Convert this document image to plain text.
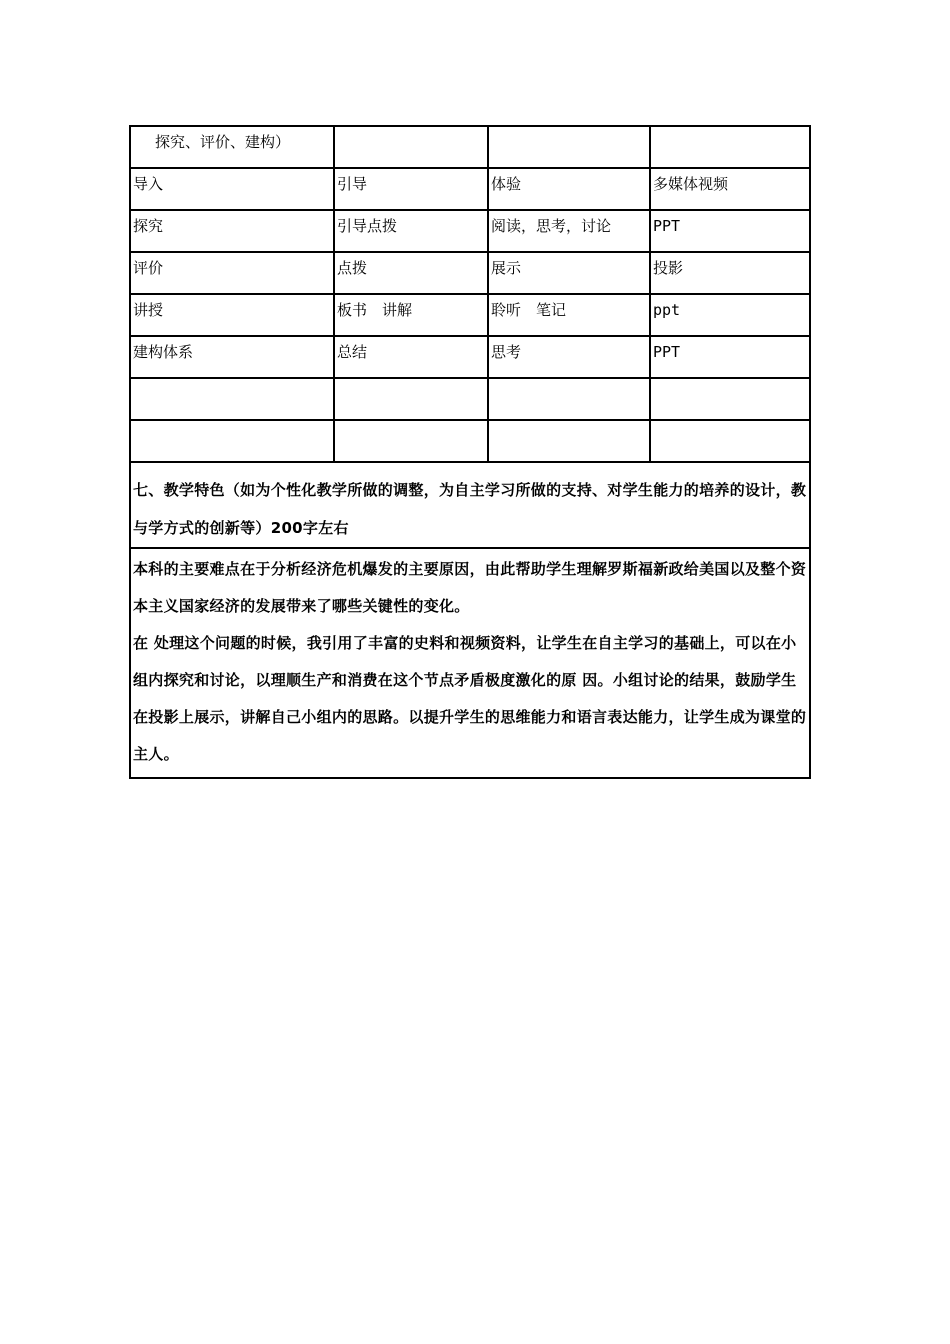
探究、评价、建构）			
导入	引导	体验	多媒体视频
探究	引导点拨	阅读，思考，讨论	PPT
评价	点拨	展示	投影
讲授	板书　讲解	聆听　笔记	ppt
建构体系	总结	思考	PPT

七、教学特色（如为个性化教学所做的调整，为自主学习所做的支持、对学生能力的培养的设计，教与学方式的创新等）200字左右			

本科的主要难点在于分析经济危机爆发的主要原因，由此帮助学生理解罗斯福新政给美国以及整个资本主义国家经济的发展带来了哪些关键性的变化。

在 处理这个问题的时候，我引用了丰富的史料和视频资料，让学生在自主学习的基础上，可以在小组内探究和讨论，以理顺生产和消费在这个节点矛盾极度激化的原 因。小组讨论的结果，鼓励学生在投影上展示，讲解自己小组内的思路。以提升学生的思维能力和语言表达能力，让学生成为课堂的主人。			
